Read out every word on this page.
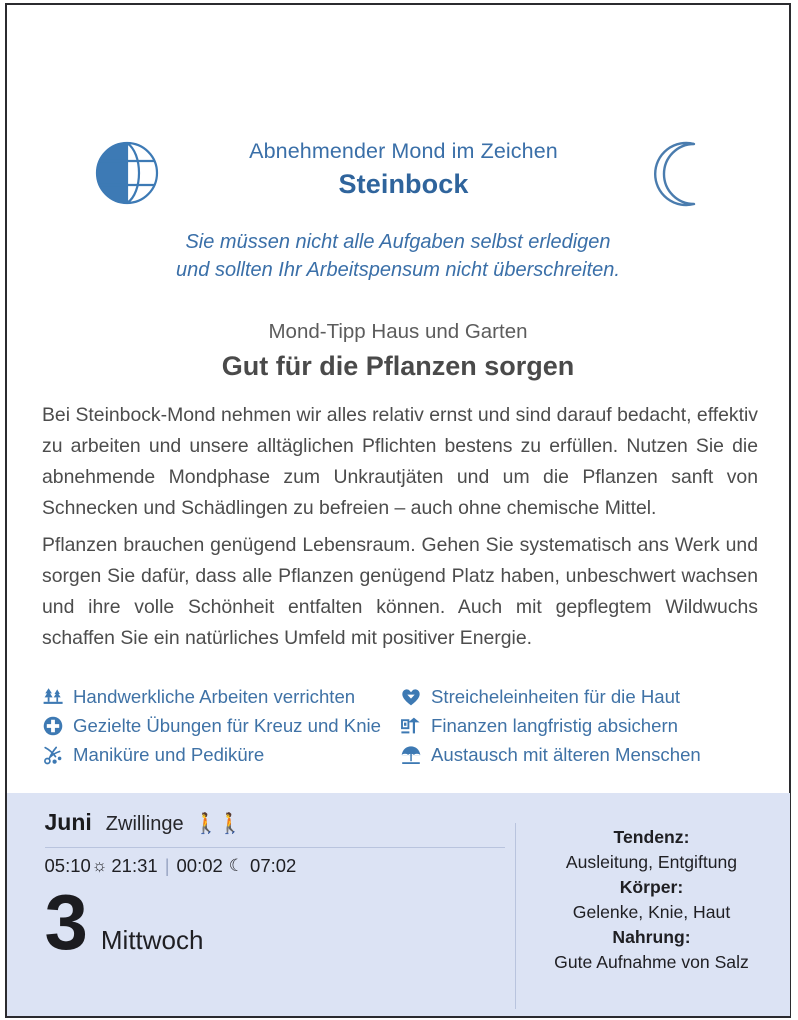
Abnehmender Mond im Zeichen
Steinbock
Sie müssen nicht alle Aufgaben selbst erledigen
und sollten Ihr Arbeitspensum nicht überschreiten.
Mond-Tipp Haus und Garten
Gut für die Pflanzen sorgen
Bei Steinbock-Mond nehmen wir alles relativ ernst und sind darauf bedacht, effektiv zu arbeiten und unsere alltäglichen Pflichten bestens zu erfüllen. Nutzen Sie die abnehmende Mondphase zum Unkrautjäten und um die Pflanzen sanft von Schnecken und Schädlingen zu befreien – auch ohne chemische Mittel.
Pflanzen brauchen genügend Lebensraum. Gehen Sie systematisch ans Werk und sorgen Sie dafür, dass alle Pflanzen genügend Platz haben, unbeschwert wachsen und ihre volle Schönheit entfalten können. Auch mit gepflegtem Wildwuchs schaffen Sie ein natürliches Umfeld mit positiver Energie.
Handwerkliche Arbeiten verrichten
Gezielte Übungen für Kreuz und Knie
Maniküre und Pediküre
Streicheleinheiten für die Haut
Finanzen langfristig absichern
Austausch mit älteren Menschen
Juni Zwillinge 🚶🚶
05:10 ☼ 21:31 | 00:02 ☾ 07:02
3 Mittwoch
Tendenz:
Ausleitung, Entgiftung
Körper:
Gelenke, Knie, Haut
Nahrung:
Gute Aufnahme von Salz
